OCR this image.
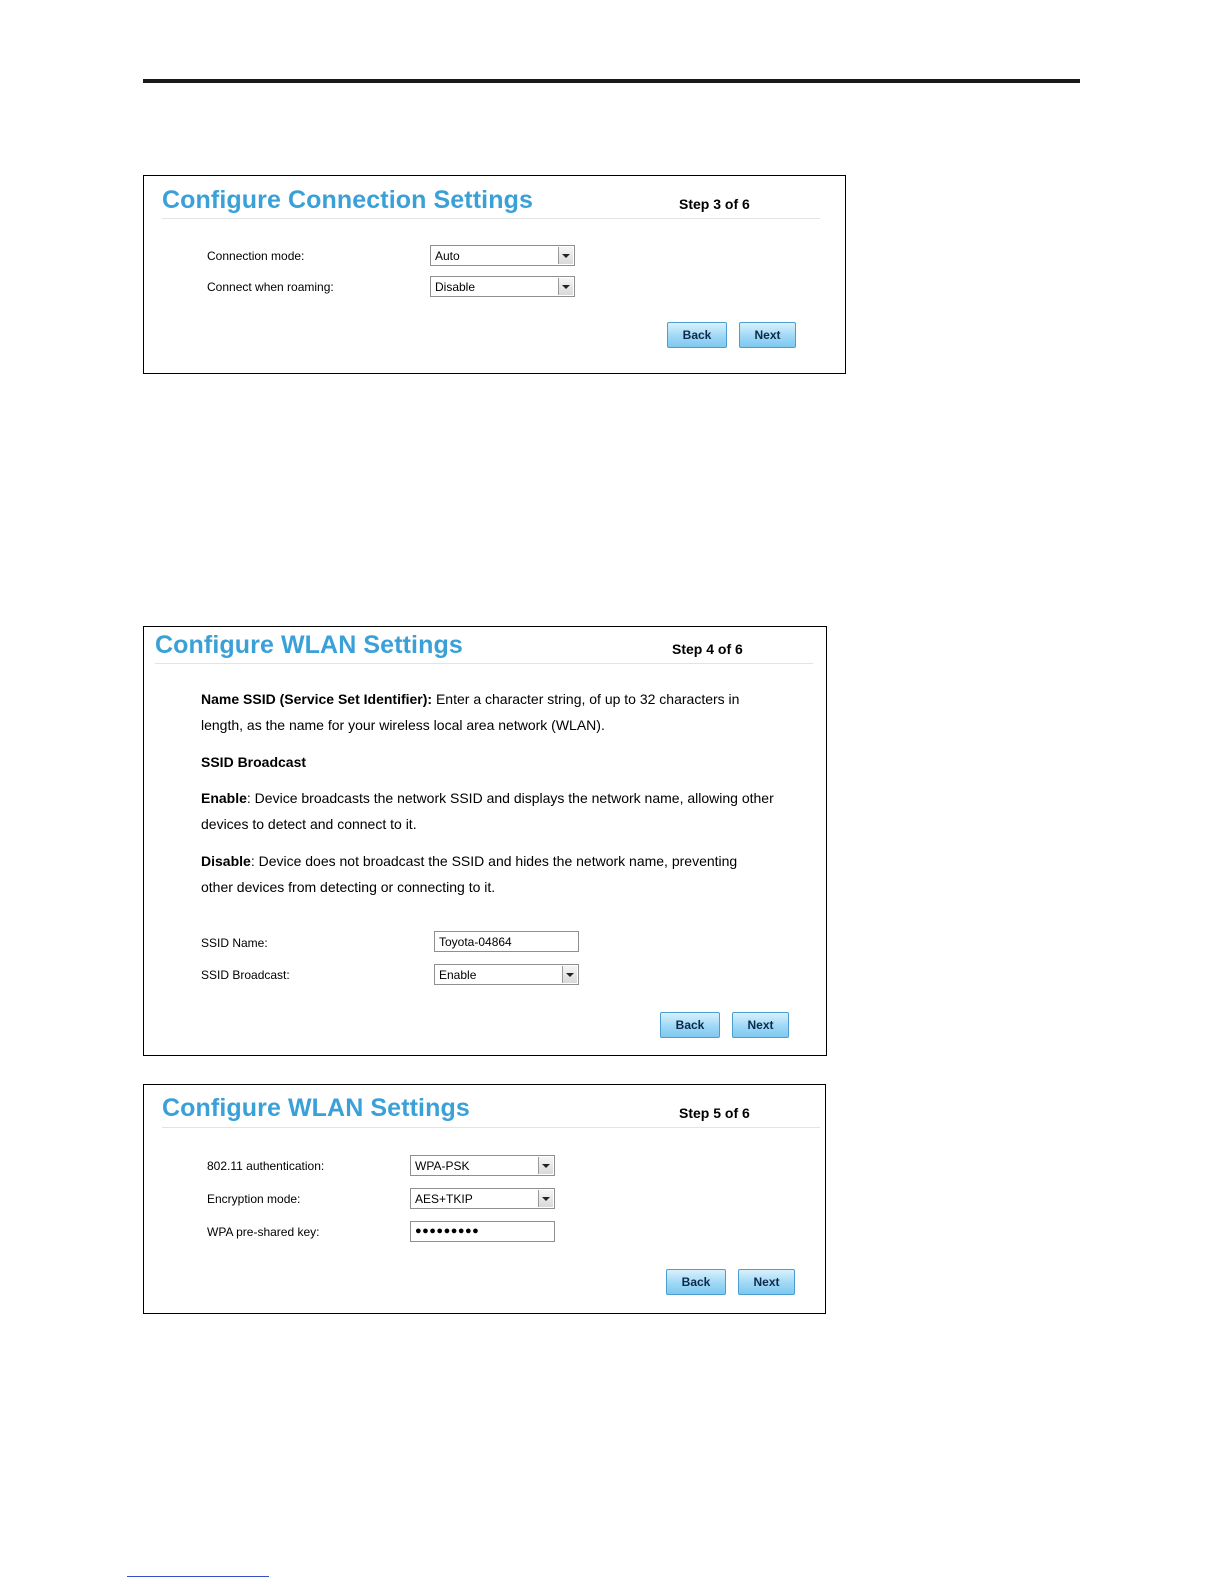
Configure Connection Settings	Step 3 of 6
Connection mode:	Auto
Connect when roaming:	Disable
Back	Next
Configure WLAN Settings	Step 4 of 6

Name SSID (Service Set Identifier): Enter a character string, of up to 32 characters in
length, as the name for your wireless local area network (WLAN).

SSID Broadcast

Enable: Device broadcasts the network SSID and displays the network name, allowing other
devices to detect and connect to it.

Disable: Device does not broadcast the SSID and hides the network name, preventing
other devices from detecting or connecting to it.

SSID Name:	Toyota-04864
SSID Broadcast:	Enable
Back	Next
Configure WLAN Settings	Step 5 of 6
802.11 authentication:	WPA-PSK
Encryption mode:	AES+TKIP
WPA pre-shared key:	●●●●●●●●●
Back	Next
